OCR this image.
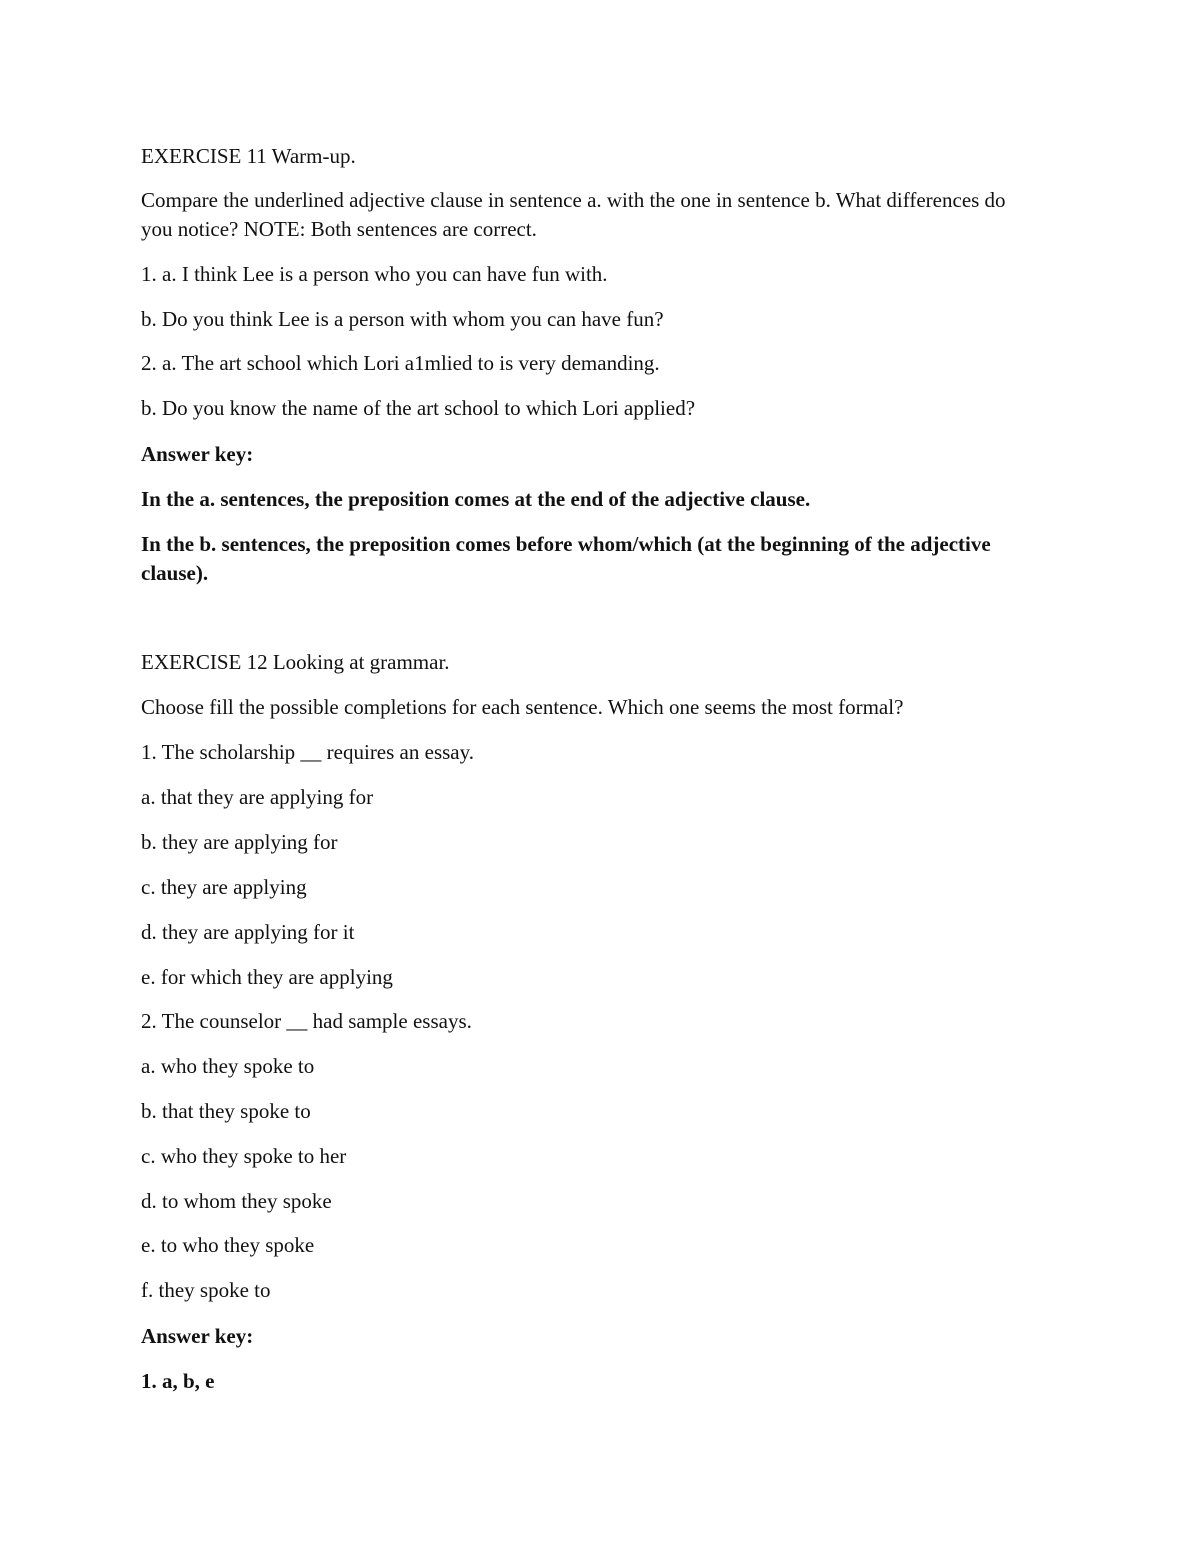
EXERCISE 11 Warm-up.

Compare the underlined adjective clause in sentence a. with the one in sentence b. What differences do you notice? NOTE: Both sentences are correct.

1. a. I think Lee is a person who you can have fun with.

b. Do you think Lee is a person with whom you can have fun?

2. a. The art school which Lori a1mlied to is very demanding.

b. Do you know the name of the art school to which Lori applied?

Answer key:

In the a. sentences, the preposition comes at the end of the adjective clause.

In the b. sentences, the preposition comes before whom/which (at the beginning of the adjective clause).

EXERCISE 12 Looking at grammar.

Choose fill the possible completions for each sentence. Which one seems the most formal?

1. The scholarship __ requires an essay.

a. that they are applying for

b. they are applying for

c. they are applying

d. they are applying for it

e. for which they are applying

2. The counselor __ had sample essays.

a. who they spoke to

b. that they spoke to

c. who they spoke to her

d. to whom they spoke

e. to who they spoke

f. they spoke to

Answer key:

1. a, b, e
